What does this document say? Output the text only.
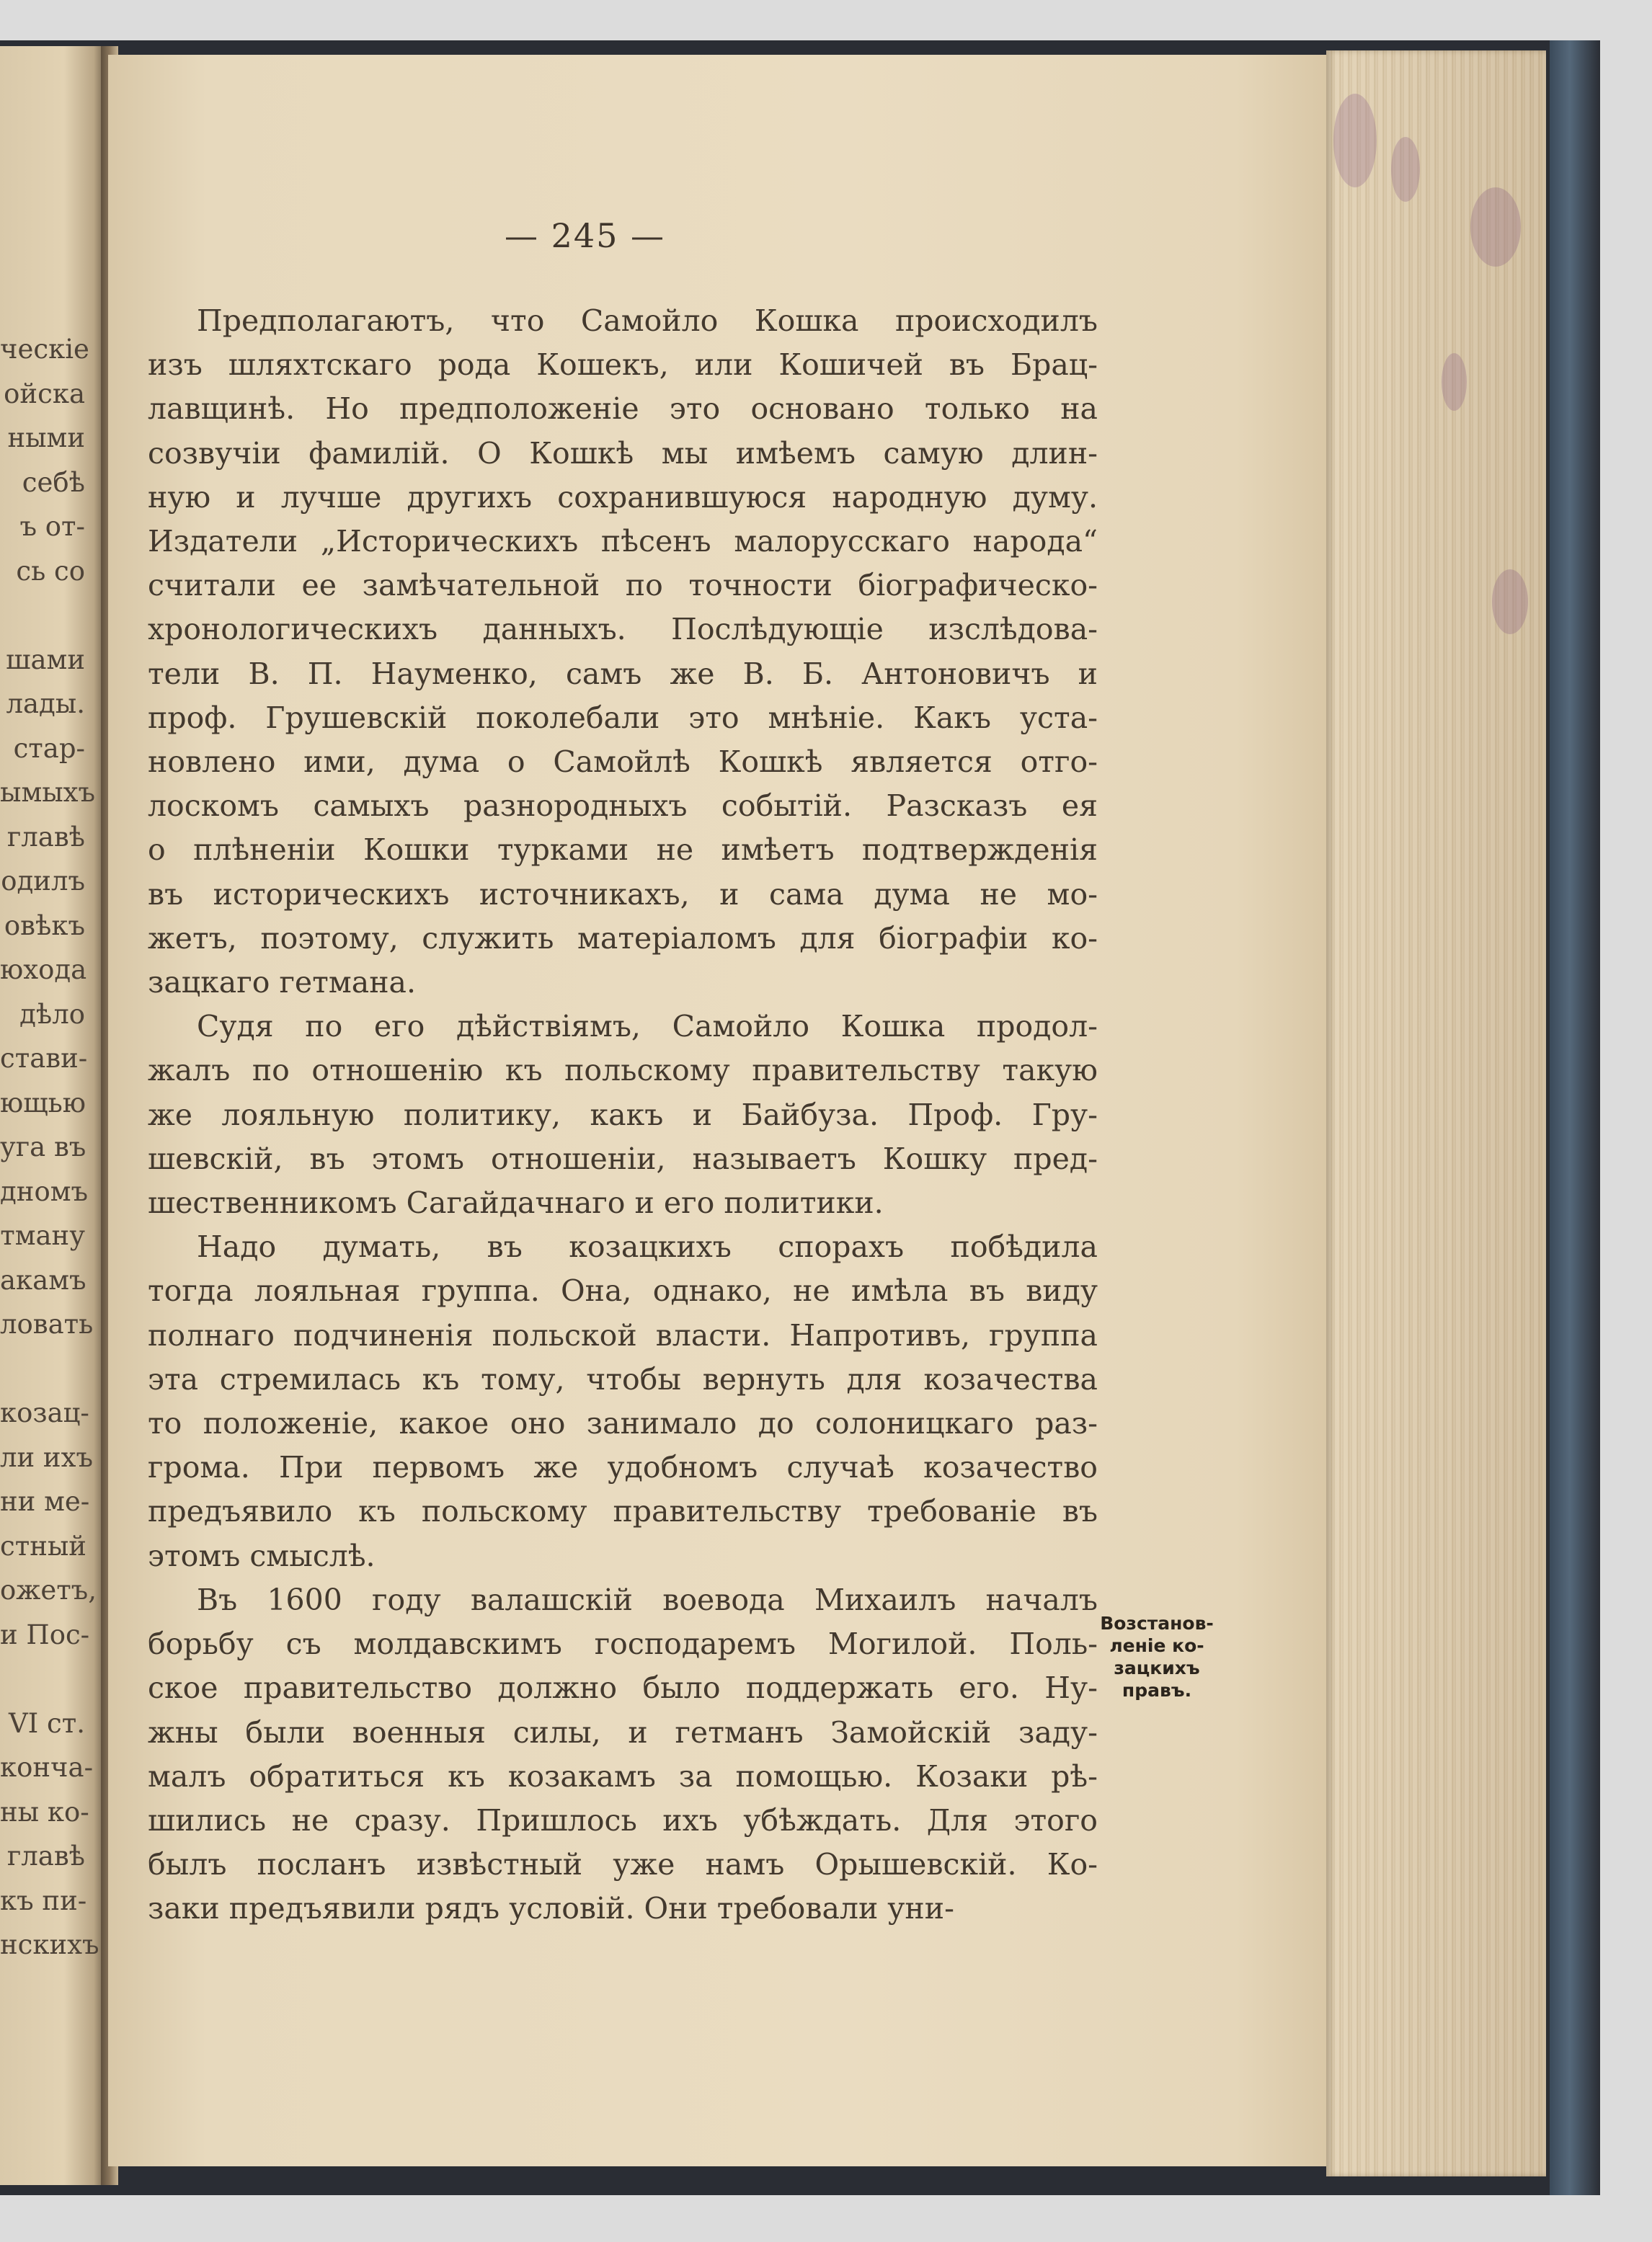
ческіе
ойска
ными
себѣ
ъ от-
сь со

шами
лады.
стар-
ымыхъ
главѣ
одилъ
овѣкъ
юхода
дѣло
стави-
ющью
уга въ
дномъ
тману
акамъ
ловать

козац-
ли ихъ
ни ме-
стный
ожетъ,
и Пос-

VI ст.
конча-
ны ко-
главѣ
къ пи-
нскихъ
— 245 —
Предполагаютъ, что Самойло Кошка происходилъ
изъ шляхтскаго рода Кошекъ, или Кошичей въ Брац-
лавщинѣ. Но предположеніе это основано только на
созвучіи фамилій. О Кошкѣ мы имѣемъ самую длин-
ную и лучше другихъ сохранившуюся народную думу.
Издатели „Историческихъ пѣсенъ малорусскаго народа“
считали ее замѣчательной по точности біографическо-
хронологическихъ данныхъ. Послѣдующіе изслѣдова-
тели В. П. Науменко, самъ же В. Б. Антоновичъ и
проф. Грушевскій поколебали это мнѣніе. Какъ уста-
новлено ими, дума о Самойлѣ Кошкѣ является отго-
лоскомъ самыхъ разнородныхъ событій. Разсказъ ея
о плѣненіи Кошки турками не имѣетъ подтвержденія
въ историческихъ источникахъ, и сама дума не мо-
жетъ, поэтому, служить матеріаломъ для біографіи ко-
зацкаго гетмана.
Судя по его дѣйствіямъ, Самойло Кошка продол-
жалъ по отношенію къ польскому правительству такую
же лояльную политику, какъ и Байбуза. Проф. Гру-
шевскій, въ этомъ отношеніи, называетъ Кошку пред-
шественникомъ Сагайдачнаго и его политики.
Надо думать, въ козацкихъ спорахъ побѣдила
тогда лояльная группа. Она, однако, не имѣла въ виду
полнаго подчиненія польской власти. Напротивъ, группа
эта стремилась къ тому, чтобы вернуть для козачества
то положеніе, какое оно занимало до солоницкаго раз-
грома. При первомъ же удобномъ случаѣ козачество
предъявило къ польскому правительству требованіе въ
этомъ смыслѣ.
Въ 1600 году валашскій воевода Михаилъ началъ
борьбу съ молдавскимъ господаремъ Могилой. Поль-
ское правительство должно было поддержать его. Ну-
жны были военныя силы, и гетманъ Замойскій заду-
малъ обратиться къ козакамъ за помощью. Козаки рѣ-
шились не сразу. Пришлось ихъ убѣждать. Для этого
былъ посланъ извѣстный уже намъ Орышевскій. Ко-
заки предъявили рядъ условій. Они требовали уни-
Возстанов-
леніе ко-
зацкихъ
правъ.
